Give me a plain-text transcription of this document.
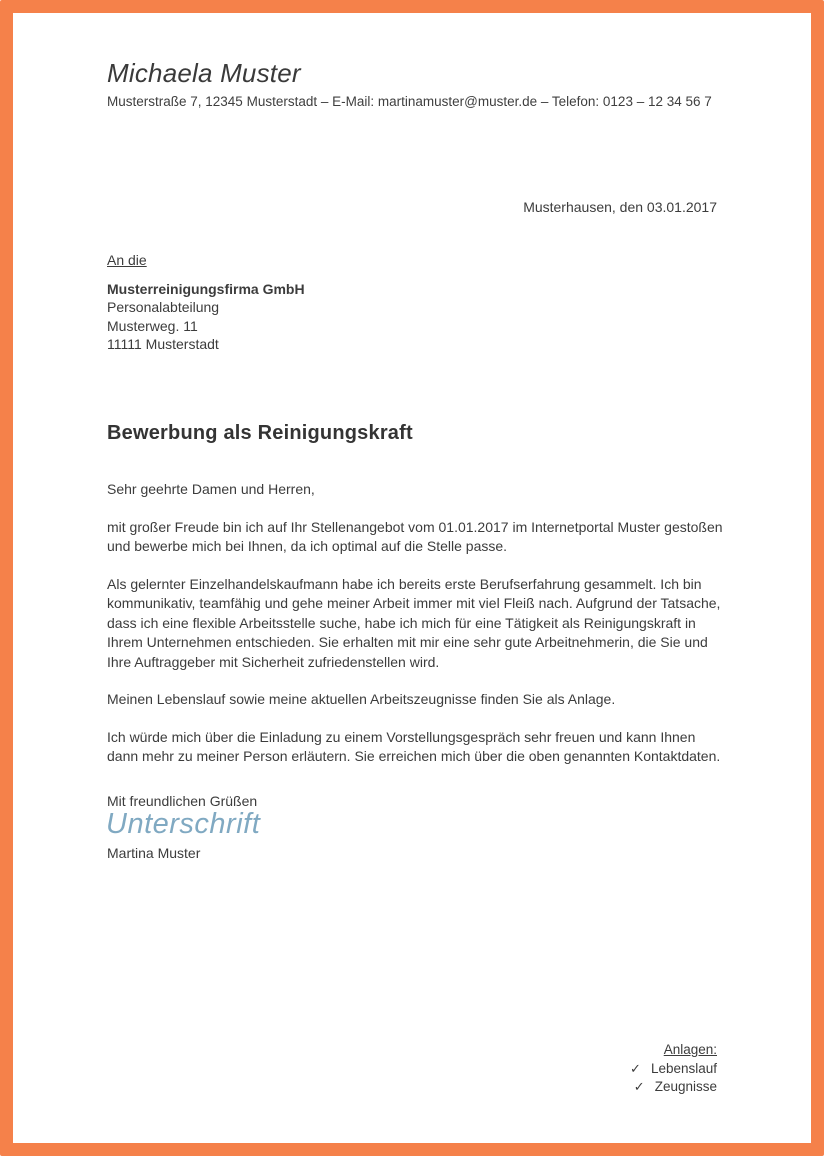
Michaela Muster
Musterstraße 7, 12345 Musterstadt – E-Mail: martinamuster@muster.de – Telefon: 0123 – 12 34 56 7
Musterhausen, den 03.01.2017
An die
Musterreinigungsfirma GmbH
Personalabteilung
Musterweg. 11
11111 Musterstadt
Bewerbung als Reinigungskraft

Sehr geehrte Damen und Herren,

mit großer Freude bin ich auf Ihr Stellenangebot vom 01.01.2017 im Internetportal Muster gestoßen und bewerbe mich bei Ihnen, da ich optimal auf die Stelle passe.

Als gelernter Einzelhandelskaufmann habe ich bereits erste Berufserfahrung gesammelt. Ich bin kommunikativ, teamfähig und gehe meiner Arbeit immer mit viel Fleiß nach. Aufgrund der Tatsache, dass ich eine flexible Arbeitsstelle suche, habe ich mich für eine Tätigkeit als Reinigungskraft in Ihrem Unternehmen entschieden. Sie erhalten mit mir eine sehr gute Arbeitnehmerin, die Sie und Ihre Auftraggeber mit Sicherheit zufriedenstellen wird.

Meinen Lebenslauf sowie meine aktuellen Arbeitszeugnisse finden Sie als Anlage.

Ich würde mich über die Einladung zu einem Vorstellungsgespräch sehr freuen und kann Ihnen dann mehr zu meiner Person erläutern. Sie erreichen mich über die oben genannten Kontaktdaten.

Mit freundlichen Grüßen
Unterschrift
Martina Muster
Anlagen:
✓ Lebenslauf
✓ Zeugnisse
